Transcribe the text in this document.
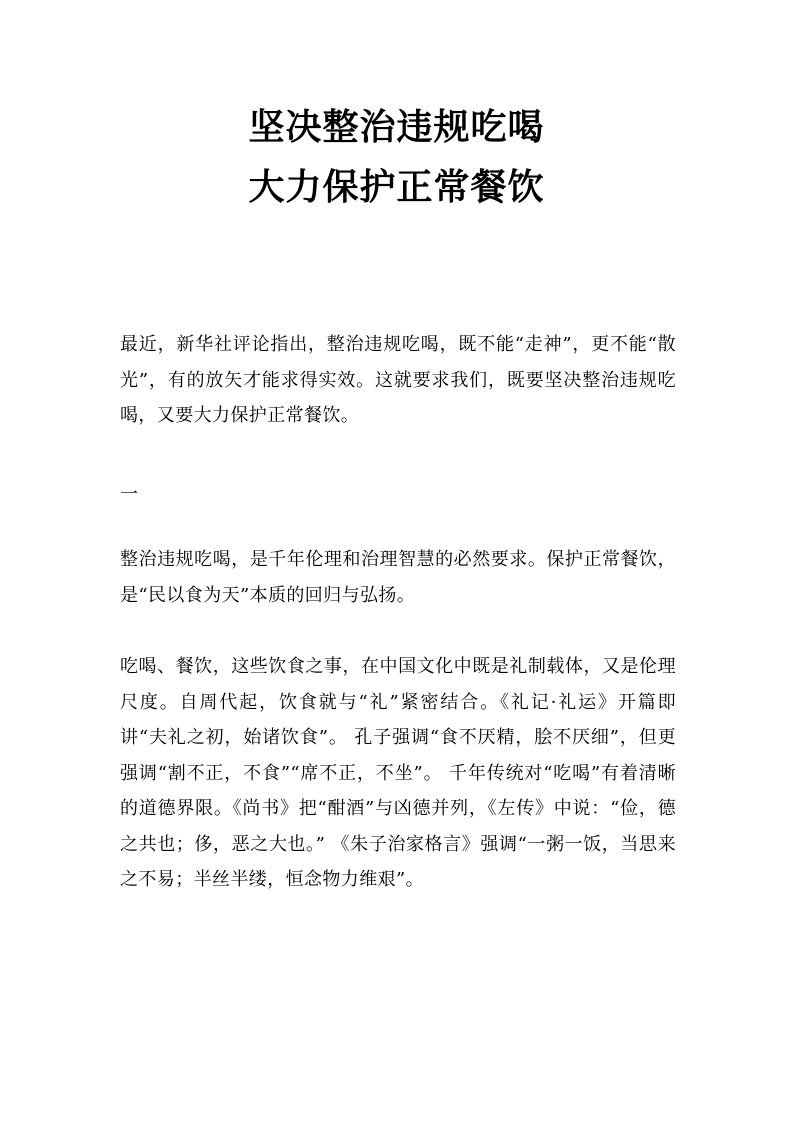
坚决整治违规吃喝
大力保护正常餐饮

最近，新华社评论指出，整治违规吃喝，既不能“走神”，更不能“散光”，有的放矢才能求得实效。这就要求我们，既要坚决整治违规吃喝，又要大力保护正常餐饮。

一

整治违规吃喝，是千年伦理和治理智慧的必然要求。保护正常餐饮，是“民以食为天”本质的回归与弘扬。

吃喝、餐饮，这些饮食之事，在中国文化中既是礼制载体，又是伦理尺度。自周代起，饮食就与“礼”紧密结合。《礼记·礼运》开篇即讲“夫礼之初，始诸饮食”。 孔子强调“食不厌精，脍不厌细”，但更强调“割不正，不食”“席不正，不坐”。 千年传统对“吃喝”有着清晰的道德界限。《尚书》把“酣酒”与凶德并列，《左传》中说：“俭，德之共也；侈，恶之大也。” 《朱子治家格言》强调“一粥一饭，当思来之不易；半丝半缕，恒念物力维艰”。
